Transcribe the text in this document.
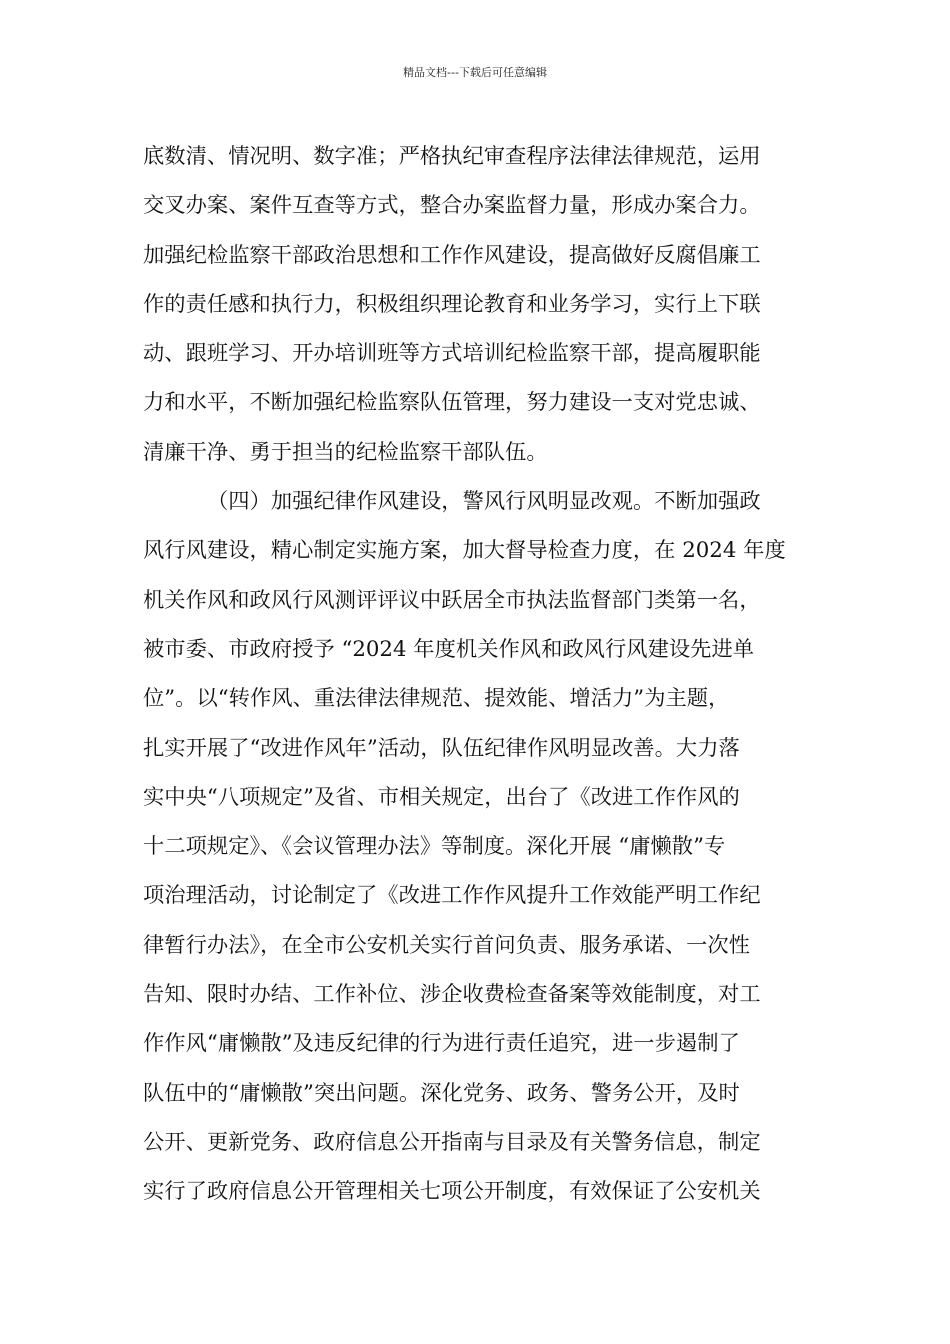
精品文档---下载后可任意编辑
底数清、情况明、数字准；严格执纪审查程序法律法律规范，运用
交叉办案、案件互查等方式，整合办案监督力量，形成办案合力。
加强纪检监察干部政治思想和工作作风建设，提高做好反腐倡廉工
作的责任感和执行力，积极组织理论教育和业务学习，实行上下联
动、跟班学习、开办培训班等方式培训纪检监察干部，提高履职能
力和水平，不断加强纪检监察队伍管理，努力建设一支对党忠诚、
清廉干净、勇于担当的纪检监察干部队伍。
（四）加强纪律作风建设，警风行风明显改观。不断加强政
风行风建设，精心制定实施方案，加大督导检查力度，在 2024 年度
机关作风和政风行风测评评议中跃居全市执法监督部门类第一名，
被市委、市政府授予 “2024 年度机关作风和政风行风建设先进单
位”。以“转作风、重法律法律规范、提效能、增活力”为主题，
扎实开展了“改进作风年”活动，队伍纪律作风明显改善。大力落
实中央“八项规定”及省、市相关规定，出台了《改进工作作风的
十二项规定》、《会议管理办法》等制度。深化开展 “庸懒散”专
项治理活动，讨论制定了《改进工作作风提升工作效能严明工作纪
律暂行办法》，在全市公安机关实行首问负责、服务承诺、一次性
告知、限时办结、工作补位、涉企收费检查备案等效能制度，对工
作作风“庸懒散”及违反纪律的行为进行责任追究，进一步遏制了
队伍中的“庸懒散”突出问题。深化党务、政务、警务公开，及时
公开、更新党务、政府信息公开指南与目录及有关警务信息，制定
实行了政府信息公开管理相关七项公开制度，有效保证了公安机关
